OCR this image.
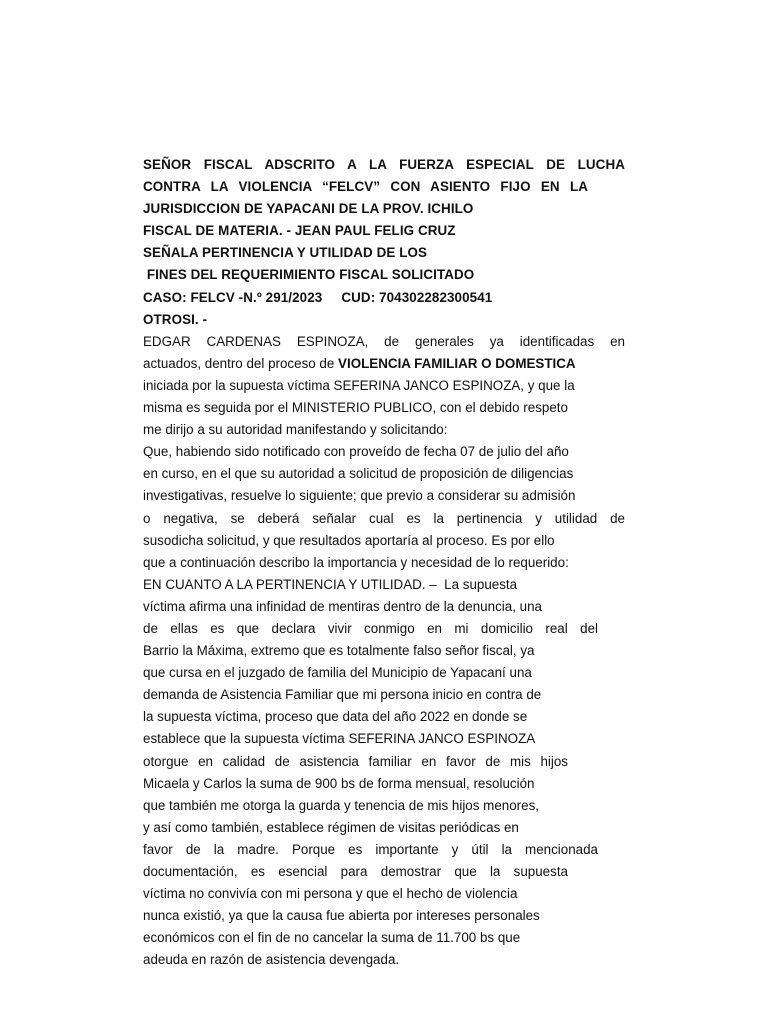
SEÑOR FISCAL ADSCRITO A LA FUERZA ESPECIAL DE LUCHA
CONTRA LA VIOLENCIA “FELCV” CON ASIENTO FIJO EN LA
JURISDICCION DE YAPACANI DE LA PROV. ICHILO
FISCAL DE MATERIA. - JEAN PAUL FELIG CRUZ
SEÑALA PERTINENCIA Y UTILIDAD DE LOS
FINES DEL REQUERIMIENTO FISCAL SOLICITADO
CASO: FELCV -N.º 291/2023     CUD: 704302282300541
OTROSI. -
EDGAR CARDENAS ESPINOZA, de generales ya identificadas en
actuados, dentro del proceso de VIOLENCIA FAMILIAR O DOMESTICA
iniciada por la supuesta víctima SEFERINA JANCO ESPINOZA, y que la
misma es seguida por el MINISTERIO PUBLICO, con el debido respeto
me dirijo a su autoridad manifestando y solicitando:
Que, habiendo sido notificado con proveído de fecha 07 de julio del año
en curso, en el que su autoridad a solicitud de proposición de diligencias
investigativas, resuelve lo siguiente; que previo a considerar su admisión
o negativa, se deberá señalar cual es la pertinencia y utilidad de
susodicha solicitud, y que resultados aportaría al proceso. Es por ello
que a continuación describo la importancia y necesidad de lo requerido:
EN CUANTO A LA PERTINENCIA Y UTILIDAD. –  La supuesta
víctima afirma una infinidad de mentiras dentro de la denuncia, una
de ellas es que declara vivir conmigo en mi domicilio real del
Barrio la Máxima, extremo que es totalmente falso señor fiscal, ya
que cursa en el juzgado de familia del Municipio de Yapacaní una
demanda de Asistencia Familiar que mi persona inicio en contra de
la supuesta víctima, proceso que data del año 2022 en donde se
establece que la supuesta víctima SEFERINA JANCO ESPINOZA
otorgue en calidad de asistencia familiar en favor de mis hijos
Micaela y Carlos la suma de 900 bs de forma mensual, resolución
que también me otorga la guarda y tenencia de mis hijos menores,
y así como también, establece régimen de visitas periódicas en
favor de la madre. Porque es importante y útil la mencionada
documentación, es esencial para demostrar que la supuesta
víctima no convivía con mi persona y que el hecho de violencia
nunca existió, ya que la causa fue abierta por intereses personales
económicos con el fin de no cancelar la suma de 11.700 bs que
adeuda en razón de asistencia devengada.
